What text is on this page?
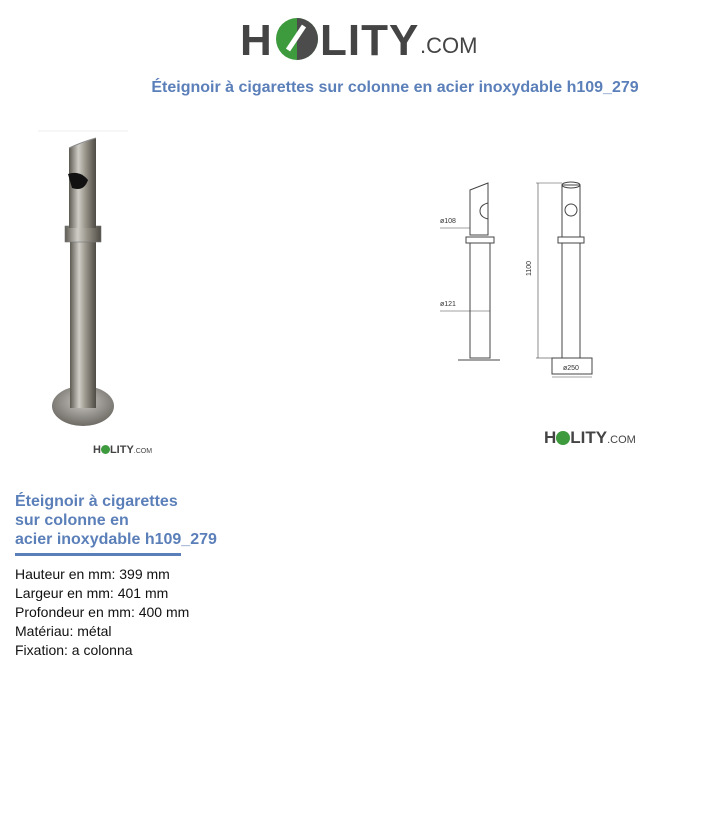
H LITY .COM
Éteignoir à cigarettes sur colonne en acier inoxydable h109_279
H LITY.COM
ø108
ø121
1100
ø250
H LITY.COM
Éteignoir à cigarettes
sur colonne en
acier inoxydable h109_279
Hauteur en mm: 399 mm
Largeur en mm: 401 mm
Profondeur en mm: 400 mm
Matériau: métal
Fixation: a colonna
